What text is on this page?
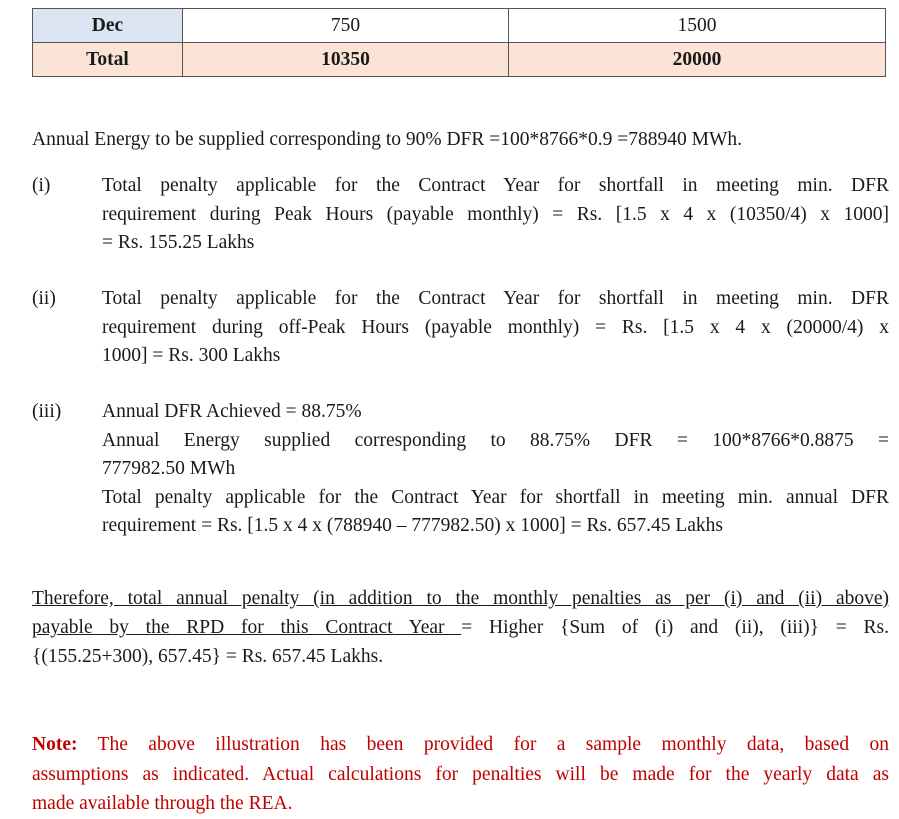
Dec	750	1500
Total	10350	20000

Annual Energy to be supplied corresponding to 90% DFR =100*8766*0.9 =788940 MWh.

(i)	Total penalty applicable for the Contract Year for shortfall in meeting min. DFR
requirement during Peak Hours (payable monthly) = Rs. [1.5 x 4 x (10350/4) x 1000]
= Rs. 155.25 Lakhs
(ii) Total penalty applicable for the Contract Year for shortfall in meeting min. DFR
requirement during off-Peak Hours (payable monthly) = Rs. [1.5 x 4 x (20000/4) x
1000] = Rs. 300 Lakhs
(iii) Annual DFR Achieved = 88.75%
Annual Energy supplied corresponding to 88.75% DFR = 100*8766*0.8875 =
777982.50 MWh
Total penalty applicable for the Contract Year for shortfall in meeting min. annual DFR
requirement = Rs. [1.5 x 4 x (788940 – 777982.50) x 1000] = Rs. 657.45 Lakhs
Therefore, total annual penalty (in addition to the monthly penalties as per (i) and (ii) above)
payable by the RPD for this Contract Year = Higher {Sum of (i) and (ii), (iii)} = Rs.
{(155.25+300), 657.45} = Rs. 657.45 Lakhs.
Note: The above illustration has been provided for a sample monthly data, based on
assumptions as indicated. Actual calculations for penalties will be made for the yearly data as
made available through the REA.
